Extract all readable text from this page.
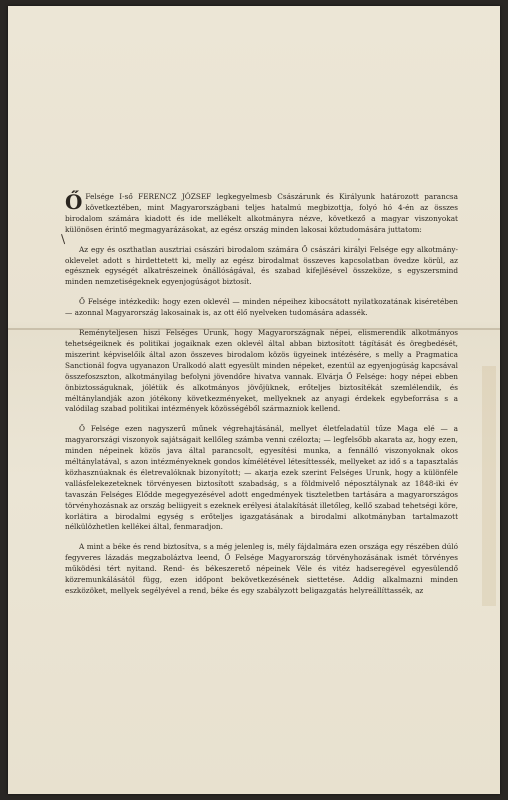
/	❜

Ő Felsége I-ső FERENCZ JÓZSEF legkegyelmesb Császárunk és Királyunk határozott parancsa következtében, mint Magyarországbani teljes hatalmú megbizottja, folyó hó 4-én az összes birodalom számára kiadott és ide mellékelt alkotmányra nézve, következő a magyar viszonyokat különösen érintő megmagyarázásokat, az egész ország minden lakosai köztudomására juttatom:

Az egy és oszthatlan ausztriai császári birodalom számára Ő császári királyi Felsége egy alkotmány-oklevelet adott s hirdettetett ki, melly az egész birodalmat összeves kapcsolatban övedze körül, az egésznek egységét alkatrészeinek önállóságával, és szabad kifejlésével összeköze, s egyszersmind minden nemzetiségeknek egyenjogúságot biztosít.

Ő Felsége intézkedik: hogy ezen oklevél — minden népeihez kibocsátott nyilatkozatának kiséretében — azonnal Magyarország lakosainak is, az ott élő nyelveken tudomására adassék.

Reményteljesen hiszi Felséges Urunk, hogy Magyarországnak népei, elismerendik alkotmányos tehetségeiknek és politikai jogaiknak ezen oklevél által abban biztosított tágítását és öregbedését, miszerint képviselőik által azon összeves birodalom közös ügyeinek intézésére, s melly a Pragmatica Sanctionál fogva ugyanazon Uralkodó alatt egyesült minden népeket, ezentúl az egyenjogúság kapcsával összefoszszton, alkotmányilag befolyni jövendőre hivatva vannak. Elvárja Ő Felsége: hogy népei ebben önbiztosságuknak, jólétük és alkotmányos jövőjüknek, erőteljes biztosítékát szemlélendik, és méltánylandják azon jótékony következményeket, mellyeknek az anyagi érdekek egybeforrása s a valódilag szabad politikai intézmények közösségéből származniok kellend.

Ő Felsége ezen nagyszerű műnek végrehajtásánál, mellyet életfeladatúl tűze Maga elé — a magyarországi viszonyok sajátságait kellőleg számba venni czéloztа; — legfelsőbb akarata az, hogy ezen, minden népeinek közös java által parancsolt, egyesítési munka, a fennálló viszonyoknak okos méltánylatával, s azon intézményeknek gondos kímélétével létesíttessék, mellyeket az idő s a tapasztalás közhasznúaknak és életrevalóknak bizonyított; — akarja ezek szerint Felséges Urunk, hogy a különféle vallásfelekezeteknek törvényesen biztosított szabadság, s a földmivelő néposztálynak az 1848-iki év tavaszán Felséges Elődde megegyezésével adott engedmények tiszteletben tartására a magyarországos törvényhozásnak az ország beliigyeit s ezeknek erélyesi átalakítását illetőleg, kellő szabad tehetségi köre, korlátira a birodalmi egység s erőteljes igazgatásának a birodalmi alkotmányban tartalmazott nélkülözhetlen kellékei által, fenmaradjon.

A mint a béke és rend biztosítva, s a még jelenleg is, mély fájdalmára ezen országa egy részében dúló fegyveres lázadás megzaboláztva leend, Ő Felsége Magyarország törvényhozásának ismét törvényes működési tért nyitand. Rend- és békeszerető népeinek Véle és vitéz hadseregével egyesülendő közremunkálásától függ, ezen időpont bekövetkezésének siettetése. Addig alkalmazni minden eszközöket, mellyek segélyével a rend, béke és egy szabályzott beligazgatás helyreállíttassék, az
